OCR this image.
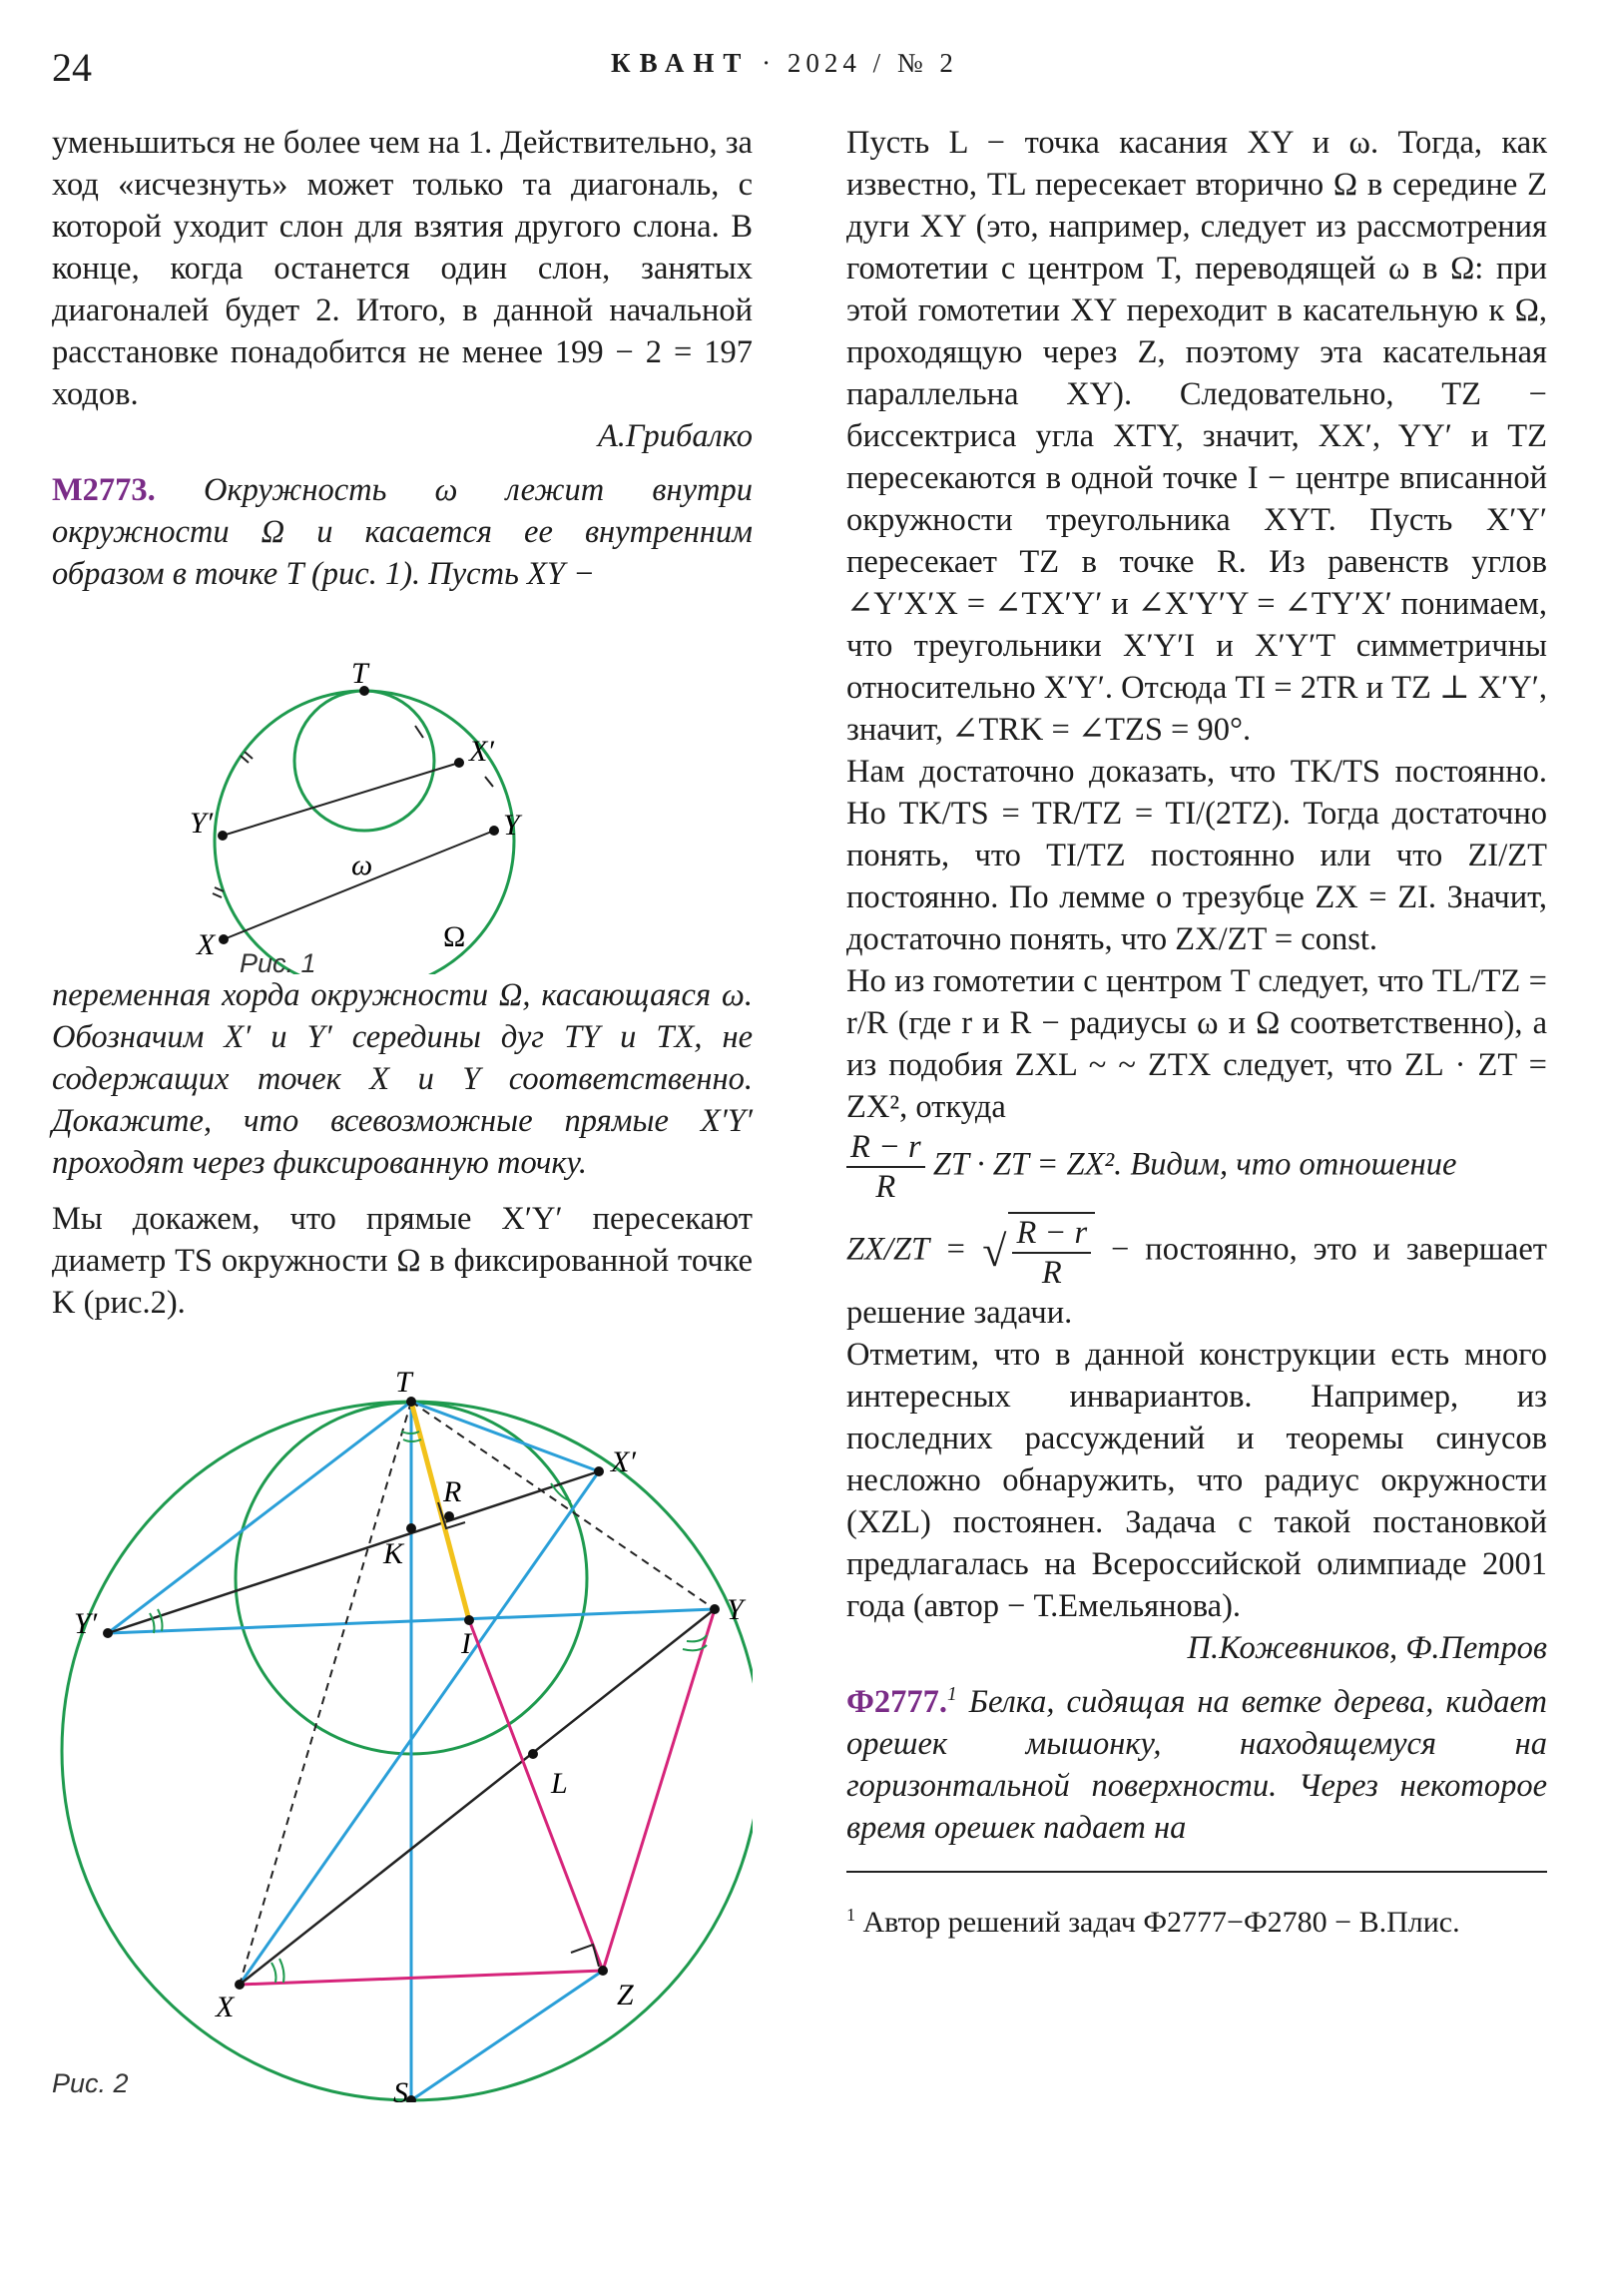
24	КВАНТ · 2024 / № 2

уменьшиться не более чем на 1. Действительно, за ход «исчезнуть» может только та диагональ, с которой уходит слон для взятия другого слона. В конце, когда останется один слон, занятых диагоналей будет 2. Итого, в данной начальной расстановке понадобится не менее 199 − 2 = 197 ходов.

А.Грибалко

М2773. Окружность ω лежит внутри окружности Ω и касается ее внутренним образом в точке T (рис. 1). Пусть XY −

T
X′
Y
Y′
X
ω
Ω
Рис. 1

переменная хорда окружности Ω, касающаяся ω. Обозначим X′ и Y′ середины дуг TY и TX, не содержащих точек X и Y соответственно. Докажите, что всевозможные прямые X′Y′ проходят через фиксированную точку.

Мы докажем, что прямые X′Y′ пересекают диаметр TS окружности Ω в фиксированной точке K (рис.2).

T
X′
R
K
Y′	Y
I
L
X	Z
S
Рис. 2

Пусть L − точка касания XY и ω. Тогда, как известно, TL пересекает вторично Ω в середине Z дуги XY (это, например, следует из рассмотрения гомотетии с центром T, переводящей ω в Ω: при этой гомотетии XY переходит в касательную к Ω, проходящую через Z, поэтому эта касательная параллельна XY). Следовательно, TZ − биссектриса угла XTY, значит, XX′, YY′ и TZ пересекаются в одной точке I − центре вписанной окружности треугольника XYT. Пусть X′Y′ пересекает TZ в точке R. Из равенств углов ∠Y′X′X = ∠TX′Y′ и ∠X′Y′Y = ∠TY′X′ понимаем, что треугольники X′Y′I и X′Y′T симметричны относительно X′Y′. Отсюда TI = 2TR и TZ ⊥ X′Y′, значит, ∠TRK = ∠TZS = 90°.

Нам достаточно доказать, что TK/TS постоянно. Но TK/TS = TR/TZ = TI/(2TZ). Тогда достаточно понять, что TI/TZ постоянно или что ZI/ZT постоянно. По лемме о трезубце ZX = ZI. Значит, достаточно понять, что ZX/ZT = const.

Но из гомотетии с центром T следует, что TL/TZ = r/R (где r и R − радиусы ω и Ω соответственно), а из подобия ZXL ~ ~ ZTX следует, что ZL · ZT = ZX², откуда

$\frac{R - r}{R}$ ZT · ZT = ZX². Видим, что отношение

ZX/ZT = √ $\frac{R - r}{R}$ − постоянно, это и завершает решение задачи.

Отметим, что в данной конструкции есть много интересных инвариантов. Например, из последних рассуждений и теоремы синусов несложно обнаружить, что радиус окружности (XZL) постоянен. Задача с такой постановкой предлагалась на Всероссийской олимпиаде 2001 года (автор − Т.Емельянова).

П.Кожевников, Ф.Петров

Ф2777.$^1$ Белка, сидящая на ветке дерева, кидает орешек мышонку, находящемуся на горизонтальной поверхности. Через некоторое время орешек падает на

$^1$ Автор решений задач Ф2777−Ф2780 − В.Плис.
